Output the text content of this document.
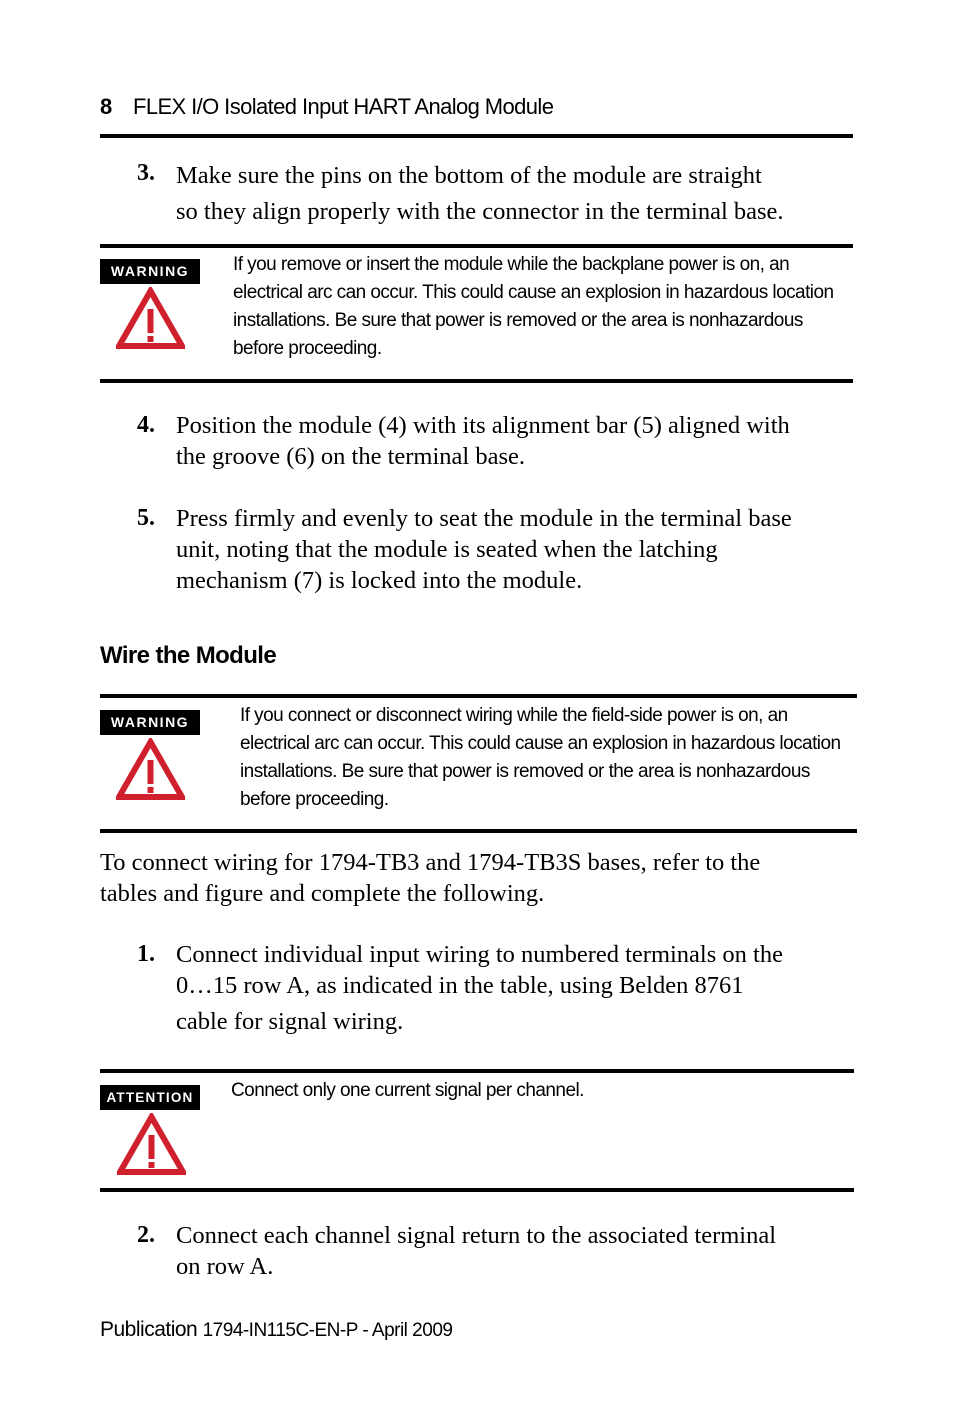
8 FLEX I/O Isolated Input HART Analog Module
3. Make sure the pins on the bottom of the module are straight
so they align properly with the connector in the terminal base.
WARNING	If you remove or insert the module while the backplane power is on, an
electrical arc can occur. This could cause an explosion in hazardous location
installations. Be sure that power is removed or the area is nonhazardous
before proceeding.
4. Position the module (4) with its alignment bar (5) aligned with
the groove (6) on the terminal base.
5. Press firmly and evenly to seat the module in the terminal base
unit, noting that the module is seated when the latching
mechanism (7) is locked into the module.
Wire the Module
WARNING	If you connect or disconnect wiring while the field-side power is on, an
electrical arc can occur. This could cause an explosion in hazardous location
installations. Be sure that power is removed or the area is nonhazardous
before proceeding.
To connect wiring for 1794-TB3 and 1794-TB3S bases, refer to the
tables and figure and complete the following.
1. Connect individual input wiring to numbered terminals on the
0…15 row A, as indicated in the table, using Belden 8761
cable for signal wiring.
ATTENTION	Connect only one current signal per channel.
2. Connect each channel signal return to the associated terminal
on row A.
Publication 1794-IN115C-EN-P - April 2009
